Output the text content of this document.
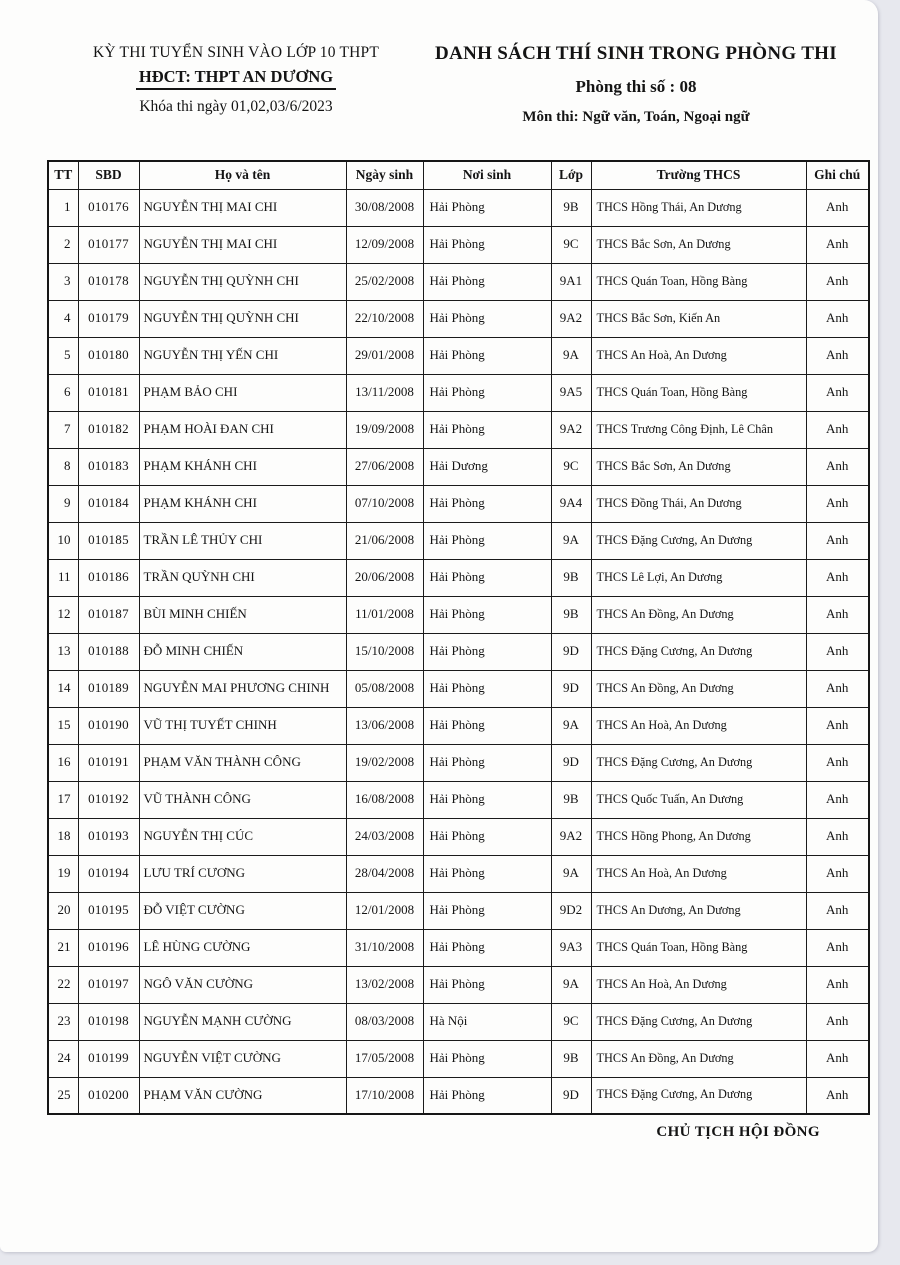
KỲ THI TUYỂN SINH VÀO LỚP 10 THPT
HĐCT: THPT AN DƯƠNG
Khóa thi ngày 01,02,03/6/2023
DANH SÁCH THÍ SINH TRONG PHÒNG THI
Phòng thi số : 08
Môn thi: Ngữ văn, Toán, Ngoại ngữ
TT	SBD	Họ và tên	Ngày sinh	Nơi sinh	Lớp	Trường THCS	Ghi chú
1	010176	NGUYỄN THỊ MAI CHI	30/08/2008	Hải Phòng	9B	THCS Hồng Thái, An Dương	Anh
2	010177	NGUYỄN THỊ MAI CHI	12/09/2008	Hải Phòng	9C	THCS Bắc Sơn, An Dương	Anh
3	010178	NGUYỄN THỊ QUỲNH CHI	25/02/2008	Hải Phòng	9A1	THCS Quán Toan, Hồng Bàng	Anh
4	010179	NGUYỄN THỊ QUỲNH CHI	22/10/2008	Hải Phòng	9A2	THCS Bắc Sơn, Kiến An	Anh
5	010180	NGUYỄN THỊ YẾN CHI	29/01/2008	Hải Phòng	9A	THCS An Hoà, An Dương	Anh
6	010181	PHẠM BẢO CHI	13/11/2008	Hải Phòng	9A5	THCS Quán Toan, Hồng Bàng	Anh
7	010182	PHẠM HOÀI ĐAN CHI	19/09/2008	Hải Phòng	9A2	THCS Trương Công Định, Lê Chân	Anh
8	010183	PHẠM KHÁNH CHI	27/06/2008	Hải Dương	9C	THCS Bắc Sơn, An Dương	Anh
9	010184	PHẠM KHÁNH CHI	07/10/2008	Hải Phòng	9A4	THCS Đồng Thái, An Dương	Anh
10	010185	TRẦN LÊ THỦY CHI	21/06/2008	Hải Phòng	9A	THCS Đặng Cương, An Dương	Anh
11	010186	TRẦN QUỲNH CHI	20/06/2008	Hải Phòng	9B	THCS Lê Lợi, An Dương	Anh
12	010187	BÙI MINH CHIẾN	11/01/2008	Hải Phòng	9B	THCS An Đồng, An Dương	Anh
13	010188	ĐỖ MINH CHIẾN	15/10/2008	Hải Phòng	9D	THCS Đặng Cương, An Dương	Anh
14	010189	NGUYỄN MAI PHƯƠNG CHINH	05/08/2008	Hải Phòng	9D	THCS An Đồng, An Dương	Anh
15	010190	VŨ THỊ TUYẾT CHINH	13/06/2008	Hải Phòng	9A	THCS An Hoà, An Dương	Anh
16	010191	PHẠM VĂN THÀNH CÔNG	19/02/2008	Hải Phòng	9D	THCS Đặng Cương, An Dương	Anh
17	010192	VŨ THÀNH CÔNG	16/08/2008	Hải Phòng	9B	THCS Quốc Tuấn, An Dương	Anh
18	010193	NGUYỄN THỊ CÚC	24/03/2008	Hải Phòng	9A2	THCS Hồng Phong, An Dương	Anh
19	010194	LƯU TRÍ CƯƠNG	28/04/2008	Hải Phòng	9A	THCS An Hoà, An Dương	Anh
20	010195	ĐỖ VIỆT CƯỜNG	12/01/2008	Hải Phòng	9D2	THCS An Dương, An Dương	Anh
21	010196	LÊ HÙNG CƯỜNG	31/10/2008	Hải Phòng	9A3	THCS Quán Toan, Hồng Bàng	Anh
22	010197	NGÔ VĂN CƯỜNG	13/02/2008	Hải Phòng	9A	THCS An Hoà, An Dương	Anh
23	010198	NGUYỄN MẠNH CƯỜNG	08/03/2008	Hà Nội	9C	THCS Đặng Cương, An Dương	Anh
24	010199	NGUYỄN VIỆT CƯỜNG	17/05/2008	Hải Phòng	9B	THCS An Đồng, An Dương	Anh
25	010200	PHẠM VĂN CƯỜNG	17/10/2008	Hải Phòng	9D	THCS Đặng Cương, An Dương	Anh
CHỦ TỊCH HỘI ĐỒNG
